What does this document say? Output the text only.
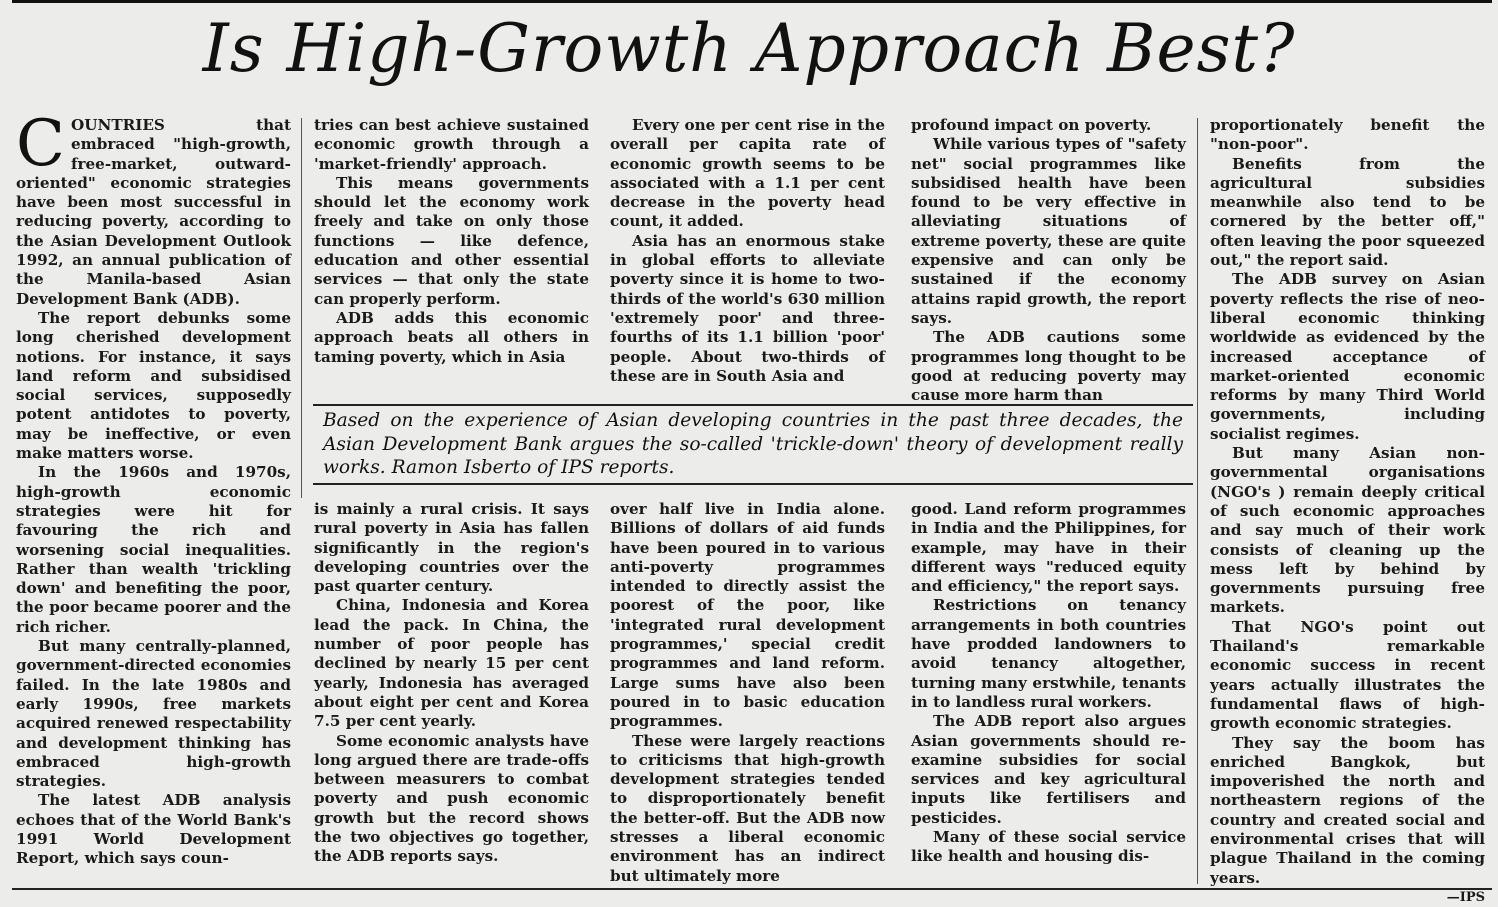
Is High-Growth Approach Best?

COUNTRIES that embraced "high-growth, free-market, outward-oriented" economic strategies have been most successful in reducing poverty, according to the Asian Development Outlook 1992, an annual publication of the Manila-based Asian Development Bank (ADB).

The report debunks some long cherished development notions. For instance, it says land reform and subsidised social services, supposedly potent antidotes to poverty, may be ineffective, or even make matters worse.

In the 1960s and 1970s, high-growth economic strategies were hit for favouring the rich and worsening social inequalities. Rather than wealth 'trickling down' and benefiting the poor, the poor became poorer and the rich richer.

But many centrally-planned, government-directed economies failed. In the late 1980s and early 1990s, free markets acquired renewed respectability and development thinking has embraced high-growth strategies.

The latest ADB analysis echoes that of the World Bank's 1991 World Development Report, which says coun-

tries can best achieve sustained economic growth through a 'market-friendly' approach.

This means governments should let the economy work freely and take on only those functions — like defence, education and other essential services — that only the state can properly perform.

ADB adds this economic approach beats all others in taming poverty, which in Asia

Every one per cent rise in the overall per capita rate of economic growth seems to be associated with a 1.1 per cent decrease in the poverty head count, it added.

Asia has an enormous stake in global efforts to alleviate poverty since it is home to two-thirds of the world's 630 million 'extremely poor' and three-fourths of its 1.1 billion 'poor' people. About two-thirds of these are in South Asia and

profound impact on poverty.

While various types of "safety net" social programmes like subsidised health have been found to be very effective in alleviating situations of extreme poverty, these are quite expensive and can only be sustained if the economy attains rapid growth, the report says.

The ADB cautions some programmes long thought to be good at reducing poverty may cause more harm than

Based on the experience of Asian developing countries in the past three decades, the Asian Development Bank argues the so-called 'trickle-down' theory of development really works. Ramon Isberto of IPS reports.

is mainly a rural crisis. It says rural poverty in Asia has fallen significantly in the region's developing countries over the past quarter century.

China, Indonesia and Korea lead the pack. In China, the number of poor people has declined by nearly 15 per cent yearly, Indonesia has averaged about eight per cent and Korea 7.5 per cent yearly.

Some economic analysts have long argued there are trade-offs between measurers to combat poverty and push economic growth but the record shows the two objectives go together, the ADB reports says.

over half live in India alone. Billions of dollars of aid funds have been poured in to various anti-poverty programmes intended to directly assist the poorest of the poor, like 'integrated rural development programmes,' special credit programmes and land reform. Large sums have also been poured in to basic education programmes.

These were largely reactions to criticisms that high-growth development strategies tended to disproportionately benefit the better-off. But the ADB now stresses a liberal economic environment has an indirect but ultimately more

good. Land reform programmes in India and the Philippines, for example, may have in their different ways "reduced equity and efficiency," the report says.

Restrictions on tenancy arrangements in both countries have prodded landowners to avoid tenancy altogether, turning many erstwhile, tenants in to landless rural workers.

The ADB report also argues Asian governments should re-examine subsidies for social services and key agricultural inputs like fertilisers and pesticides.

Many of these social service like health and housing dis-

proportionately benefit the "non-poor".

Benefits from the agricultural subsidies meanwhile also tend to be cornered by the better off," often leaving the poor squeezed out," the report said.

The ADB survey on Asian poverty reflects the rise of neo-liberal economic thinking worldwide as evidenced by the increased acceptance of market-oriented economic reforms by many Third World governments, including socialist regimes.

But many Asian non-governmental organisations (NGO's ) remain deeply critical of such economic approaches and say much of their work consists of cleaning up the mess left by behind by governments pursuing free markets.

That NGO's point out Thailand's remarkable economic success in recent years actually illustrates the fundamental flaws of high-growth economic strategies.

They say the boom has enriched Bangkok, but impoverished the north and northeastern regions of the country and created social and environmental crises that will plague Thailand in the coming years.

—IPS
